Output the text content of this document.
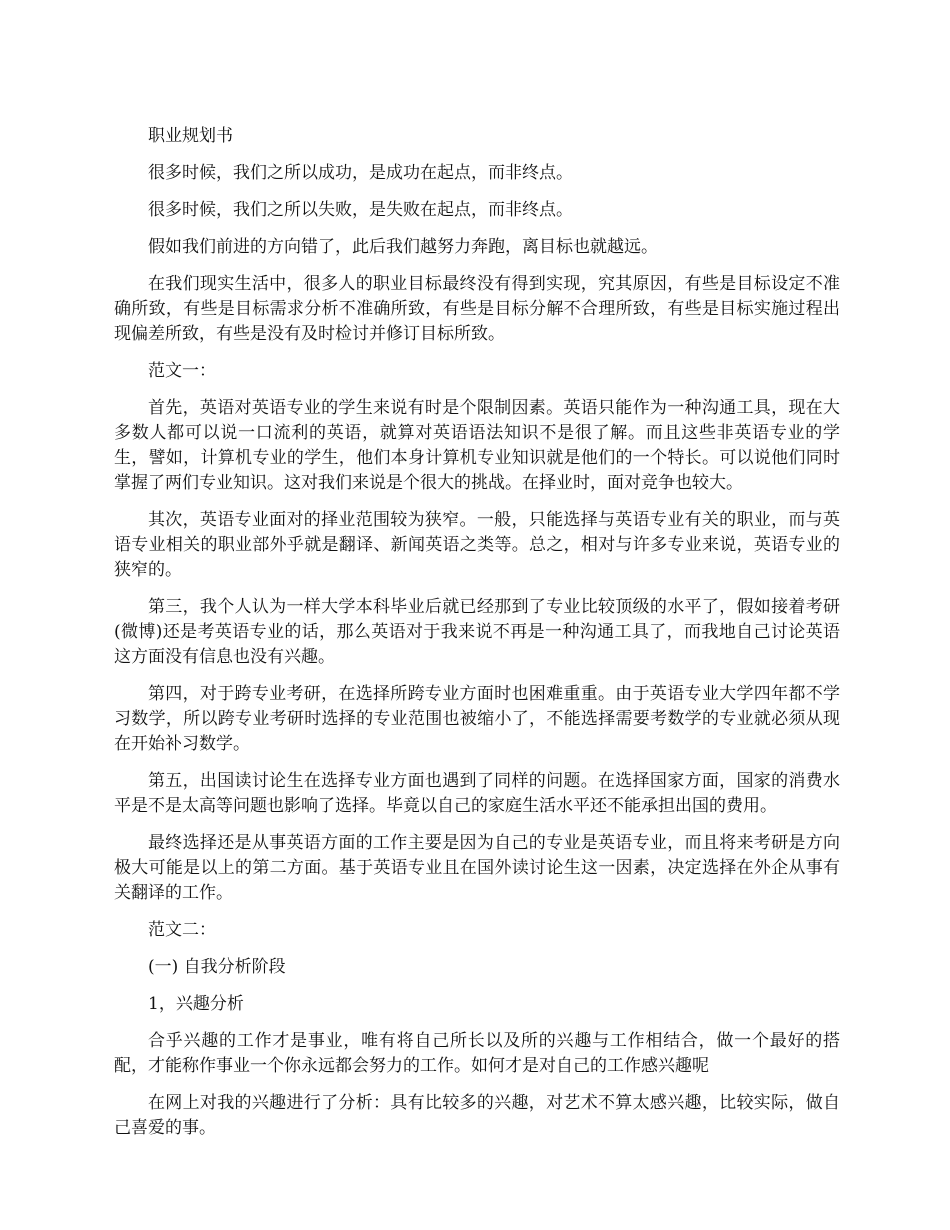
职业规划书

很多时候，我们之所以成功，是成功在起点，而非终点。

很多时候，我们之所以失败，是失败在起点，而非终点。

假如我们前进的方向错了，此后我们越努力奔跑，离目标也就越远。

在我们现实生活中，很多人的职业目标最终没有得到实现，究其原因，有些是目标设定不准确所致，有些是目标需求分析不准确所致，有些是目标分解不合理所致，有些是目标实施过程出现偏差所致，有些是没有及时检讨并修订目标所致。

范文一：

首先，英语对英语专业的学生来说有时是个限制因素。英语只能作为一种沟通工具，现在大多数人都可以说一口流利的英语，就算对英语语法知识不是很了解。而且这些非英语专业的学生，譬如，计算机专业的学生，他们本身计算机专业知识就是他们的一个特长。可以说他们同时掌握了两们专业知识。这对我们来说是个很大的挑战。在择业时，面对竞争也较大。

其次，英语专业面对的择业范围较为狭窄。一般，只能选择与英语专业有关的职业，而与英语专业相关的职业部外乎就是翻译、新闻英语之类等。总之，相对与许多专业来说，英语专业的狭窄的。

第三，我个人认为一样大学本科毕业后就已经那到了专业比较顶级的水平了，假如接着考研(微博)还是考英语专业的话，那么英语对于我来说不再是一种沟通工具了，而我地自己讨论英语这方面没有信息也没有兴趣。

第四，对于跨专业考研，在选择所跨专业方面时也困难重重。由于英语专业大学四年都不学习数学，所以跨专业考研时选择的专业范围也被缩小了，不能选择需要考数学的专业就必须从现在开始补习数学。

第五，出国读讨论生在选择专业方面也遇到了同样的问题。在选择国家方面，国家的消费水平是不是太高等问题也影响了选择。毕竟以自己的家庭生活水平还不能承担出国的费用。

最终选择还是从事英语方面的工作主要是因为自己的专业是英语专业，而且将来考研是方向极大可能是以上的第二方面。基于英语专业且在国外读讨论生这一因素，决定选择在外企从事有关翻译的工作。

范文二：

(一) 自我分析阶段

1，兴趣分析

合乎兴趣的工作才是事业，唯有将自己所长以及所的兴趣与工作相结合，做一个最好的搭配，才能称作事业一个你永远都会努力的工作。如何才是对自己的工作感兴趣呢

在网上对我的兴趣进行了分析：具有比较多的兴趣，对艺术不算太感兴趣，比较实际，做自己喜爱的事。
